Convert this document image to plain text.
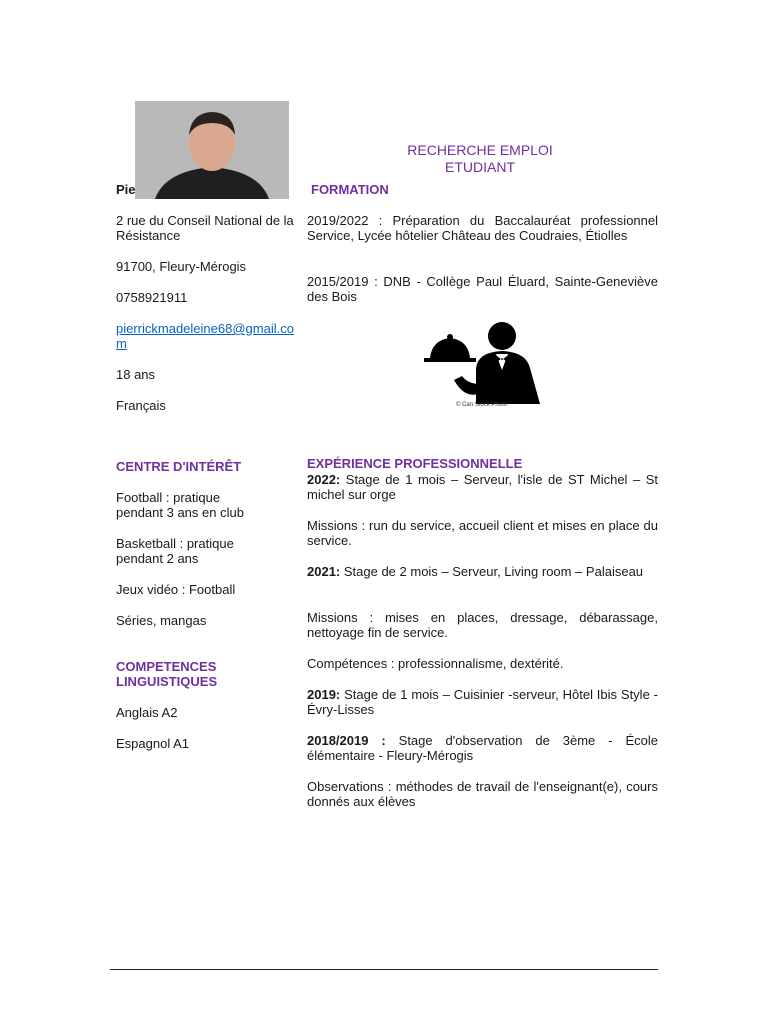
RECHERCHE EMPLOI
ETUDIANT
Pie
2 rue du Conseil National de la Résistance
91700, Fleury-Mérogis
0758921911
pierrickmadeleine68@gmail.com
18 ans
Français
CENTRE D'INTÉRÊT
Football : pratique pendant 3 ans en club
Basketball : pratique pendant 2 ans
Jeux vidéo : Football
Séries, mangas
COMPETENCES LINGUISTIQUES
Anglais A2
Espagnol A1
FORMATION
2019/2022 : Préparation du Baccalauréat professionnel Service, Lycée hôtelier Château des Coudraies, Étiolles
2015/2019 : DNB - Collège Paul Éluard, Sainte-Geneviève des Bois
© Can Stock Photo
EXPÉRIENCE PROFESSIONNELLE
2022: Stage de 1 mois – Serveur, l'isle de ST Michel – St michel sur orge
Missions : run du service, accueil client et mises en place du service.
2021: Stage de 2 mois – Serveur, Living room – Palaiseau
Missions : mises en places, dressage, débarassage, nettoyage fin de service.
Compétences : professionnalisme, dextérité.
2019: Stage de 1 mois – Cuisinier -serveur, Hôtel Ibis Style - Évry-Lisses
2018/2019 : Stage d'observation de 3ème - École élémentaire - Fleury-Mérogis
Observations : méthodes de travail de l'enseignant(e), cours donnés aux élèves
